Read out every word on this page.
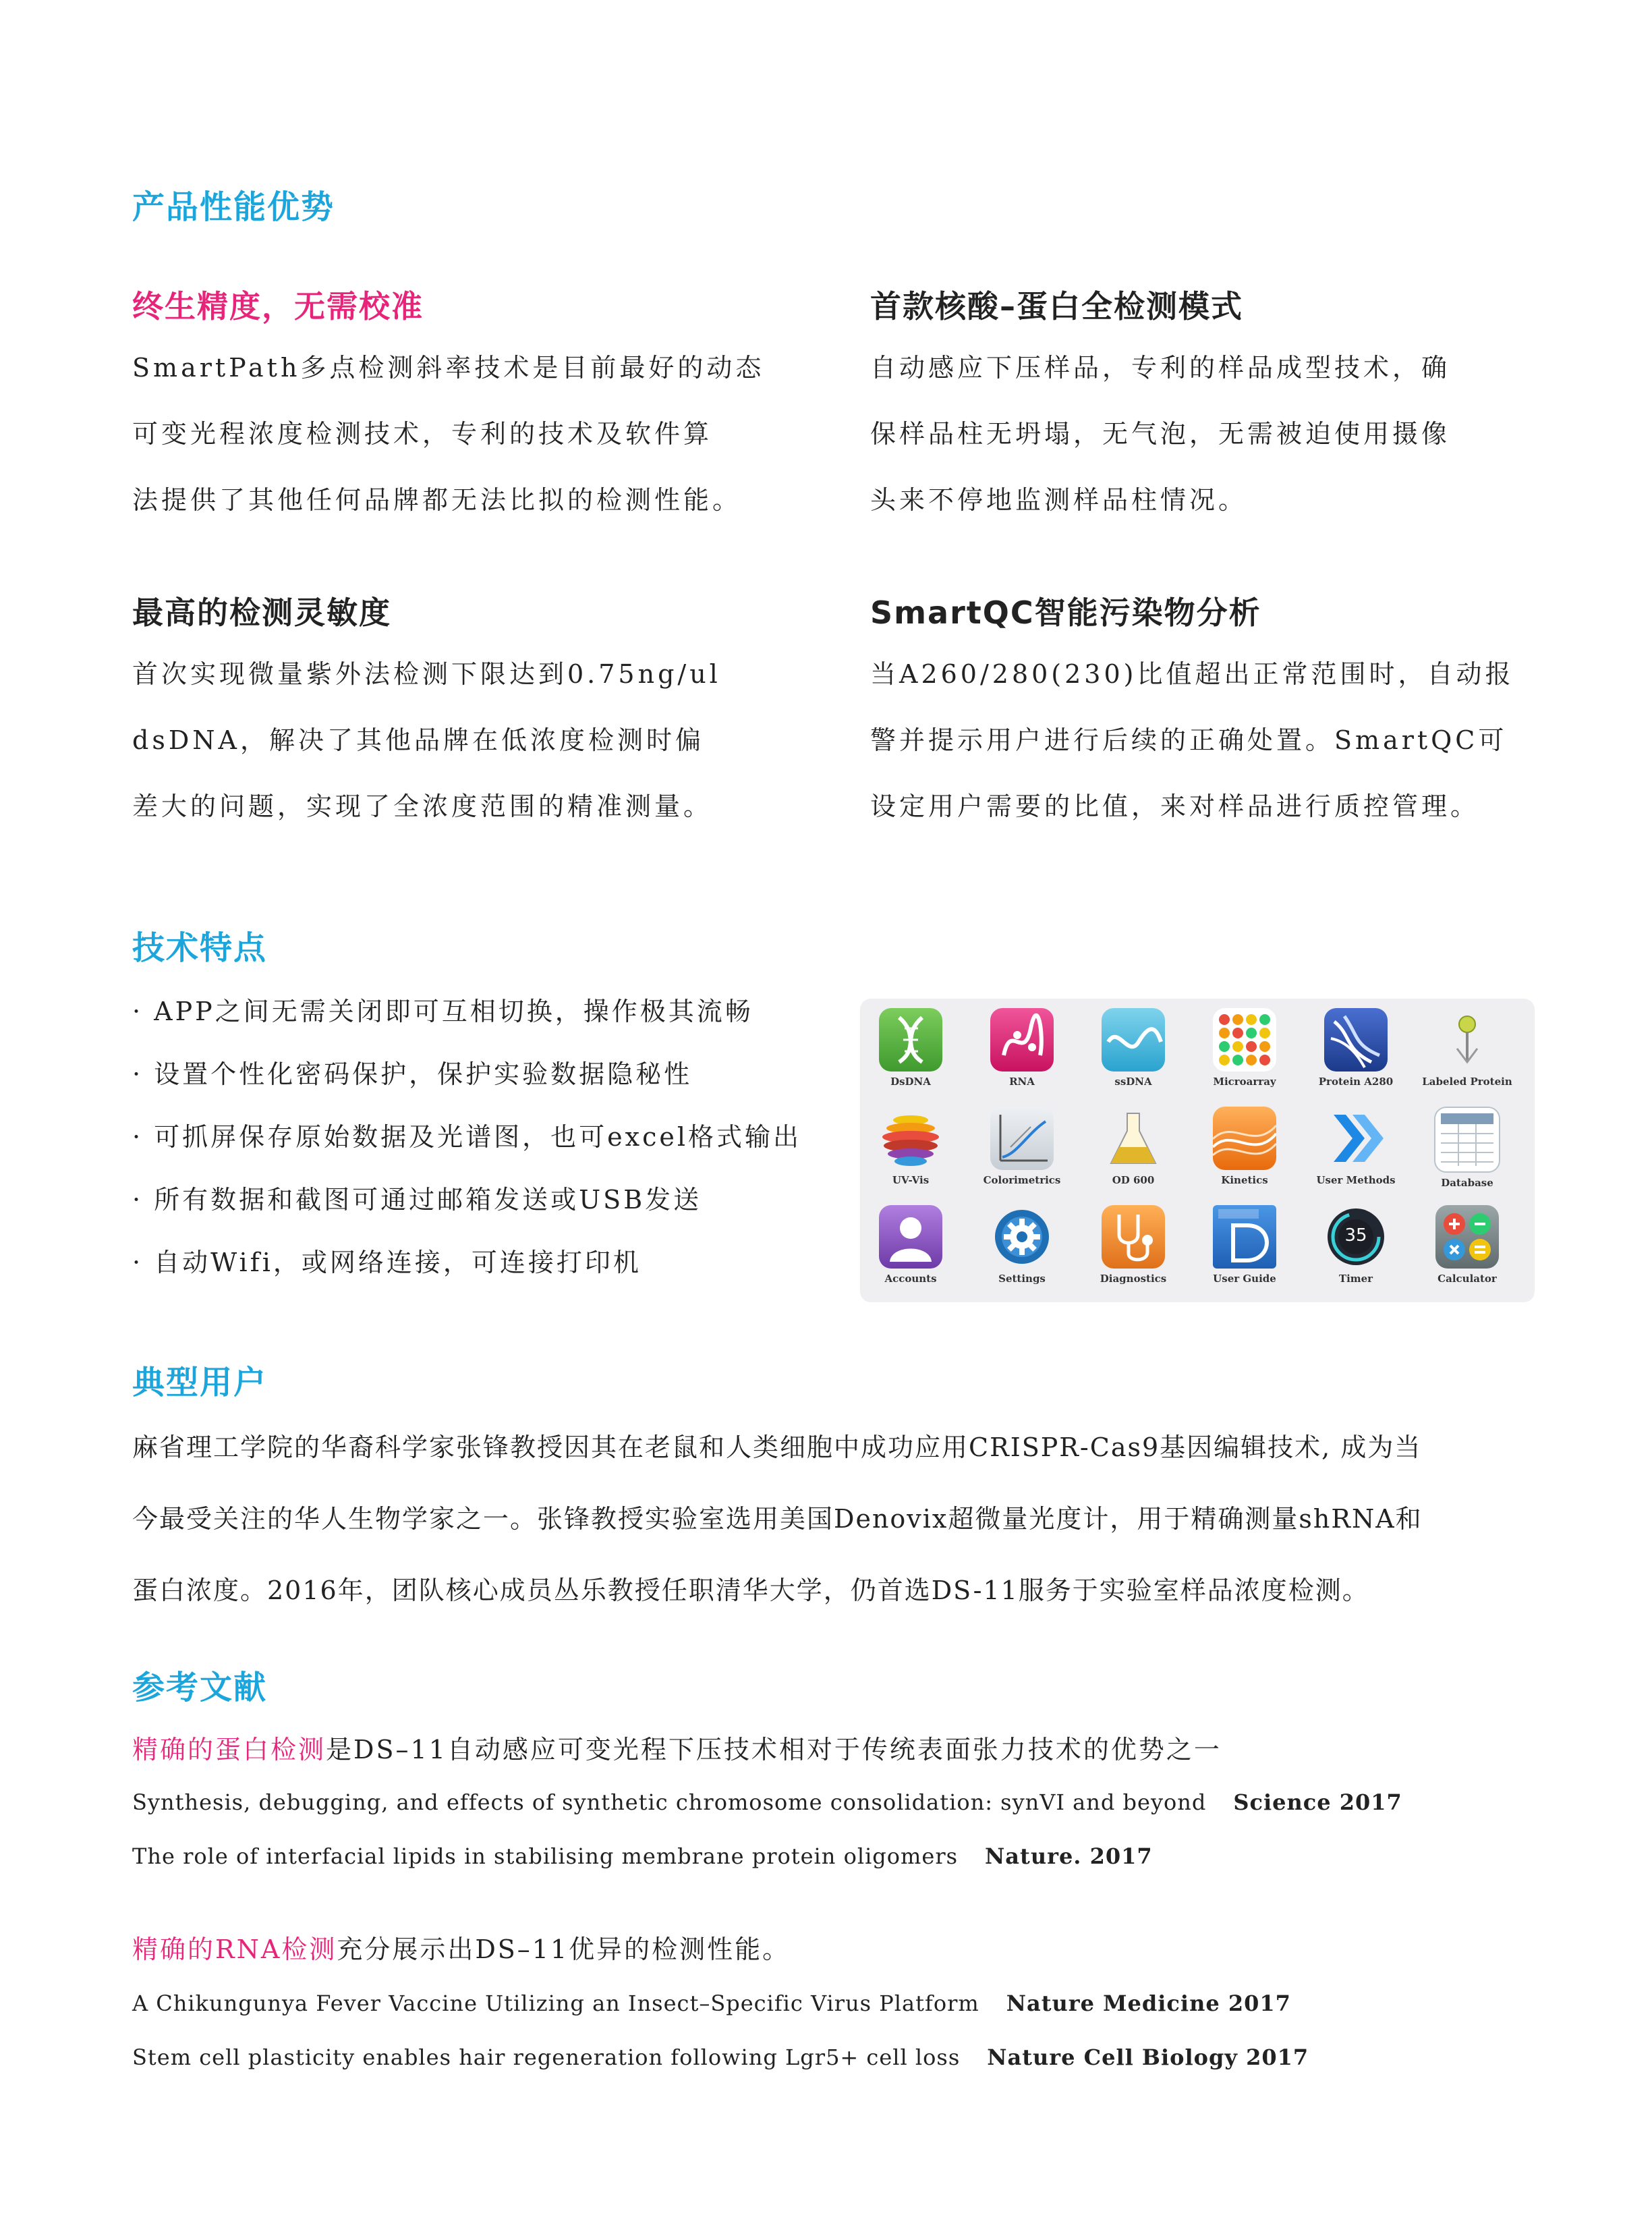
产品性能优势
终生精度，无需校准
SmartPath多点检测斜率技术是目前最好的动态
可变光程浓度检测技术，专利的技术及软件算
法提供了其他任何品牌都无法比拟的检测性能。
首款核酸–蛋白全检测模式
自动感应下压样品，专利的样品成型技术，确
保样品柱无坍塌，无气泡，无需被迫使用摄像
头来不停地监测样品柱情况。
最高的检测灵敏度
首次实现微量紫外法检测下限达到0.75ng/ul
dsDNA，解决了其他品牌在低浓度检测时偏
差大的问题，实现了全浓度范围的精准测量。
SmartQC智能污染物分析
当A260/280(230)比值超出正常范围时，自动报
警并提示用户进行后续的正确处置。SmartQC可
设定用户需要的比值，来对样品进行质控管理。
技术特点
· APP之间无需关闭即可互相切换，操作极其流畅
· 设置个性化密码保护，保护实验数据隐秘性
· 可抓屏保存原始数据及光谱图，也可excel格式输出
· 所有数据和截图可通过邮箱发送或USB发送
· 自动Wifi，或网络连接，可连接打印机
DsDNA	RNA	ssDNA	Microarray	Protein A280	Labeled Protein
UV-Vis	Colorimetrics	OD 600	Kinetics	User Methods	Database
Accounts	Settings	Diagnostics	User Guide
35
Timer	Calculator
典型用户
麻省理工学院的华裔科学家张锋教授因其在老鼠和人类细胞中成功应用CRISPR-Cas9基因编辑技术, 成为当
今最受关注的华人生物学家之一。张锋教授实验室选用美国Denovix超微量光度计，用于精确测量shRNA和
蛋白浓度。2016年，团队核心成员丛乐教授任职清华大学，仍首选DS-11服务于实验室样品浓度检测。
参考文献
精确的蛋白检测是DS–11自动感应可变光程下压技术相对于传统表面张力技术的优势之一
Synthesis, debugging, and effects of synthetic chromosome consolidation: synVI and beyond Science 2017
The role of interfacial lipids in stabilising membrane protein oligomers Nature. 2017
精确的RNA检测充分展示出DS–11优异的检测性能。
A Chikungunya Fever Vaccine Utilizing an Insect–Specific Virus Platform Nature Medicine 2017
Stem cell plasticity enables hair regeneration following Lgr5+ cell loss Nature Cell Biology 2017
